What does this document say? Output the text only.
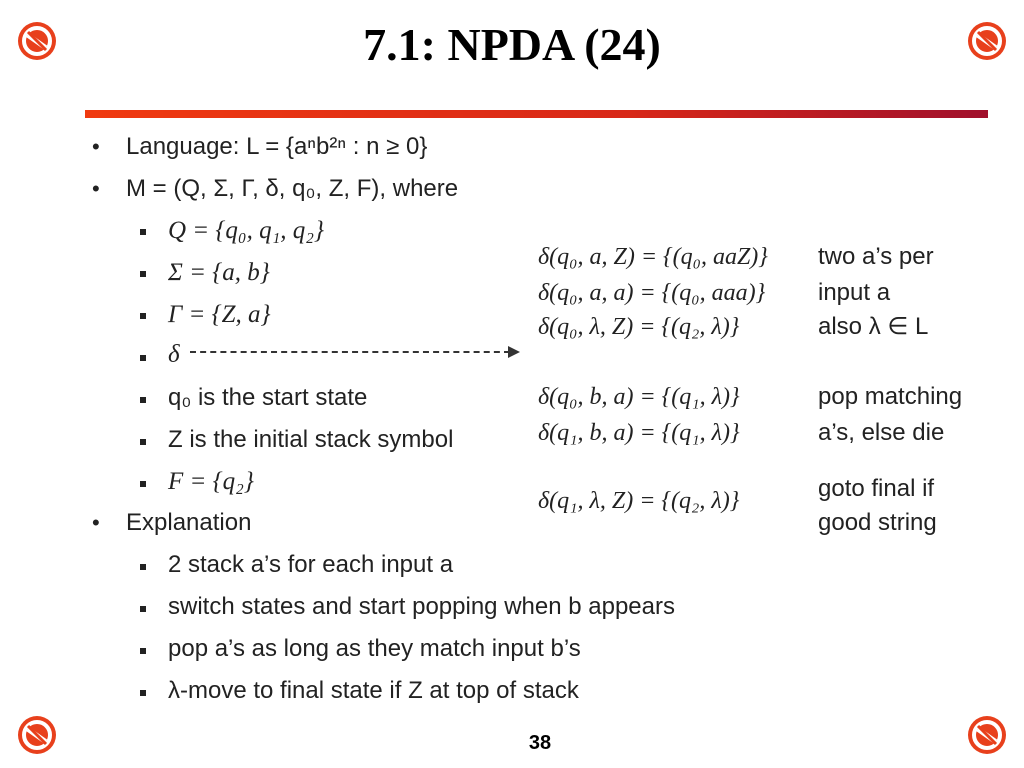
7.1: NPDA (24)
• Language: L = {aⁿb²ⁿ : n ≥ 0}
• M = (Q, Σ, Γ, δ, q₀, Z, F), where
Q = {q₀, q₁, q₂}
Σ = {a, b}
Γ = {Z, a}
δ
q₀ is the start state
Z is the initial stack symbol
F = {q₂}
• Explanation
2 stack a’s for each input a
switch states and start popping when b appears
pop a’s as long as they match input b’s
λ-move to final state if Z at top of stack
δ(q₀, a, Z) = {(q₀, aaZ)}
δ(q₀, a, a) = {(q₀, aaa)}
δ(q₀, λ, Z) = {(q₂, λ)}
δ(q₀, b, a) = {(q₁, λ)}
δ(q₁, b, a) = {(q₁, λ)}
δ(q₁, λ, Z) = {(q₂, λ)}
two a’s per
input a
also λ ∈ L
pop matching
a’s, else die
goto final if
good string
38
